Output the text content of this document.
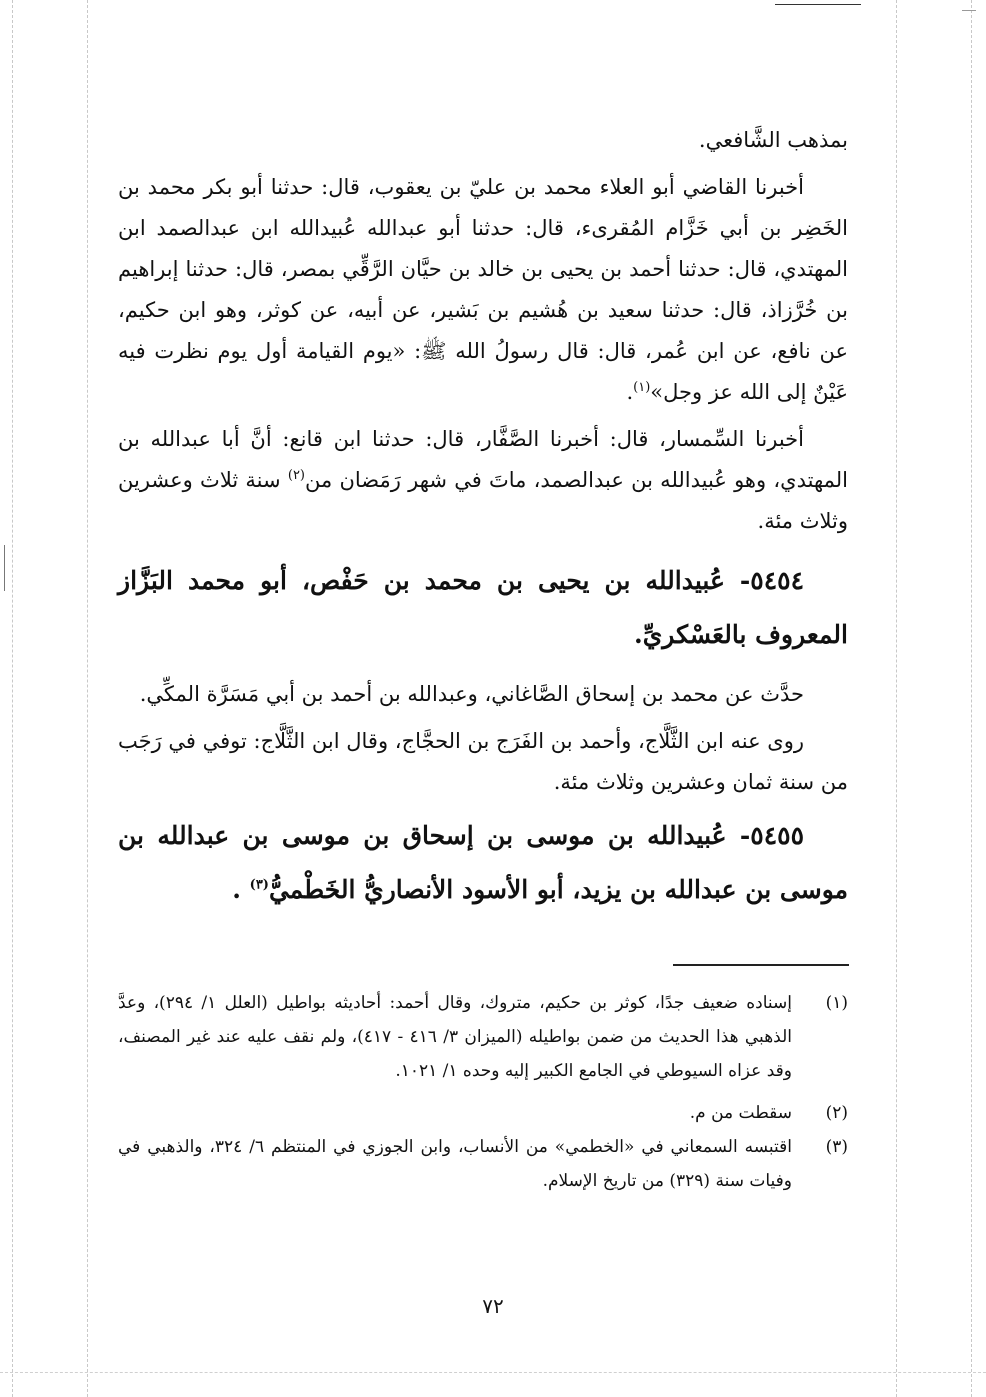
بمذهب الشَّافعي.

أخبرنا القاضي أبو العلاء محمد بن عليّ بن يعقوب، قال: حدثنا أبو بكر محمد بن الخَضِر بن أبي خَزَّام المُقرىء، قال: حدثنا أبو عبدالله عُبيدالله ابن عبدالصمد ابن المهتدي، قال: حدثنا أحمد بن يحيى بن خالد بن حيَّان الرَّقِّي بمصر، قال: حدثنا إبراهيم بن خُرَّزاذ، قال: حدثنا سعيد بن هُشيم بن بَشير، عن أبيه، عن كوثر، وهو ابن حكيم، عن نافع، عن ابن عُمر، قال: قال رسولُ الله ﷺ: «يوم القيامة أول يوم نظرت فيه عَيْنٌ إلى الله عز وجل»$^{(١)}$.

أخبرنا السِّمسار، قال: أخبرنا الصَّفَّار، قال: حدثنا ابن قانع: أنَّ أبا عبدالله بن المهتدي، وهو عُبيدالله بن عبدالصمد، ماتَ في شهر رَمَضان من$^{(٢)}$ سنة ثلاث وعشرين وثلاث مئة.

٥٤٥٤- عُبيدالله بن يحيى بن محمد بن حَفْص، أبو محمد البَزَّاز المعروف بالعَسْكريِّ.

حدَّث عن محمد بن إسحاق الصَّاغاني، وعبدالله بن أحمد بن أبي مَسَرَّة المكِّي.

روى عنه ابن الثَّلَّاج، وأحمد بن الفَرَج بن الحجَّاج، وقال ابن الثَّلَّاج: توفي في رَجَب من سنة ثمان وعشرين وثلاث مئة.

٥٤٥٥- عُبيدالله بن موسى بن إسحاق بن موسى بن عبدالله بن موسى بن عبدالله بن يزيد، أبو الأسود الأنصاريُّ الخَطْميُّ$^{(٣)}$ .

(١)
إسناده ضعيف جدًا، كوثر بن حكيم، متروك، وقال أحمد: أحاديثه بواطيل (العلل ١/ ٢٩٤)، وعدَّ الذهبي هذا الحديث من ضمن بواطيله (الميزان ٣/ ٤١٦ - ٤١٧)، ولم نقف عليه عند غير المصنف، وقد عزاه السيوطي في الجامع الكبير إليه وحده ١/ ١٠٢١.
(٢)
سقطت من م.
(٣)
اقتبسه السمعاني في «الخطمي» من الأنساب، وابن الجوزي في المنتظم ٦/ ٣٢٤، والذهبي في وفيات سنة (٣٢٩) من تاريخ الإسلام.
٧٢
